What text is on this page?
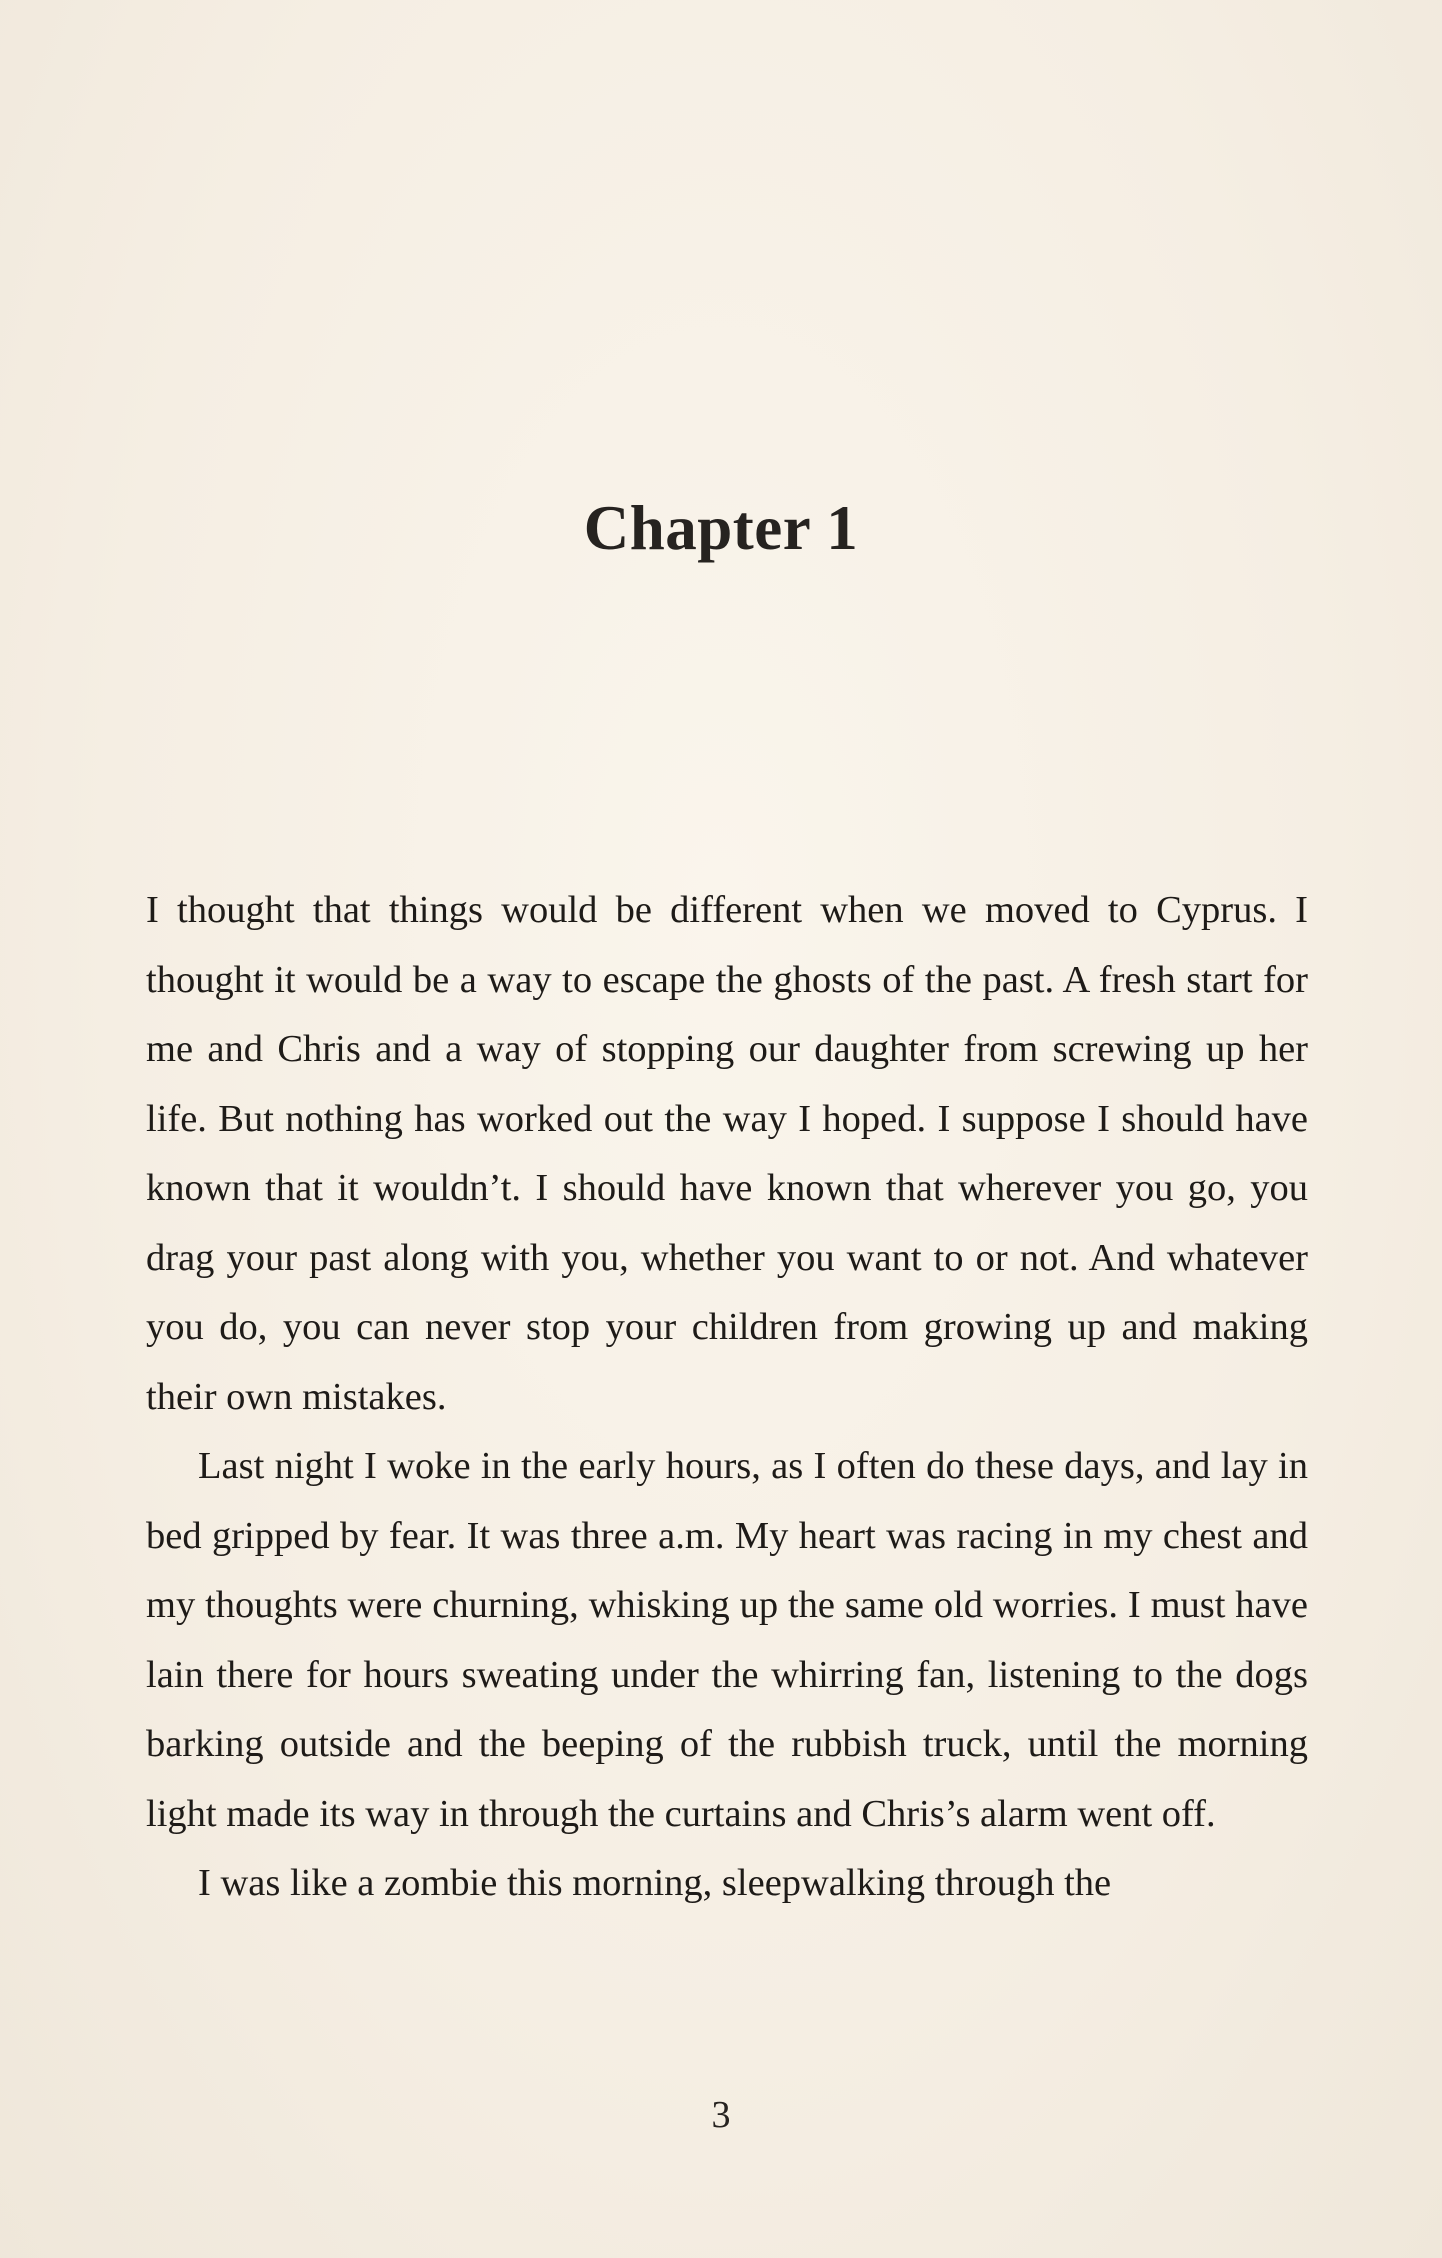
Chapter 1

I thought that things would be different when we moved to Cyprus. I thought it would be a way to escape the ghosts of the past. A fresh start for me and Chris and a way of stopping our daughter from screwing up her life. But nothing has worked out the way I hoped. I suppose I should have known that it wouldn’t. I should have known that wherever you go, you drag your past along with you, whether you want to or not. And whatever you do, you can never stop your children from growing up and making their own mistakes.

Last night I woke in the early hours, as I often do these days, and lay in bed gripped by fear. It was three a.m. My heart was racing in my chest and my thoughts were churning, whisking up the same old worries. I must have lain there for hours sweating under the whirring fan, listening to the dogs barking outside and the beeping of the rubbish truck, until the morning light made its way in through the curtains and Chris’s alarm went off.

I was like a zombie this morning, sleepwalking through the

3
